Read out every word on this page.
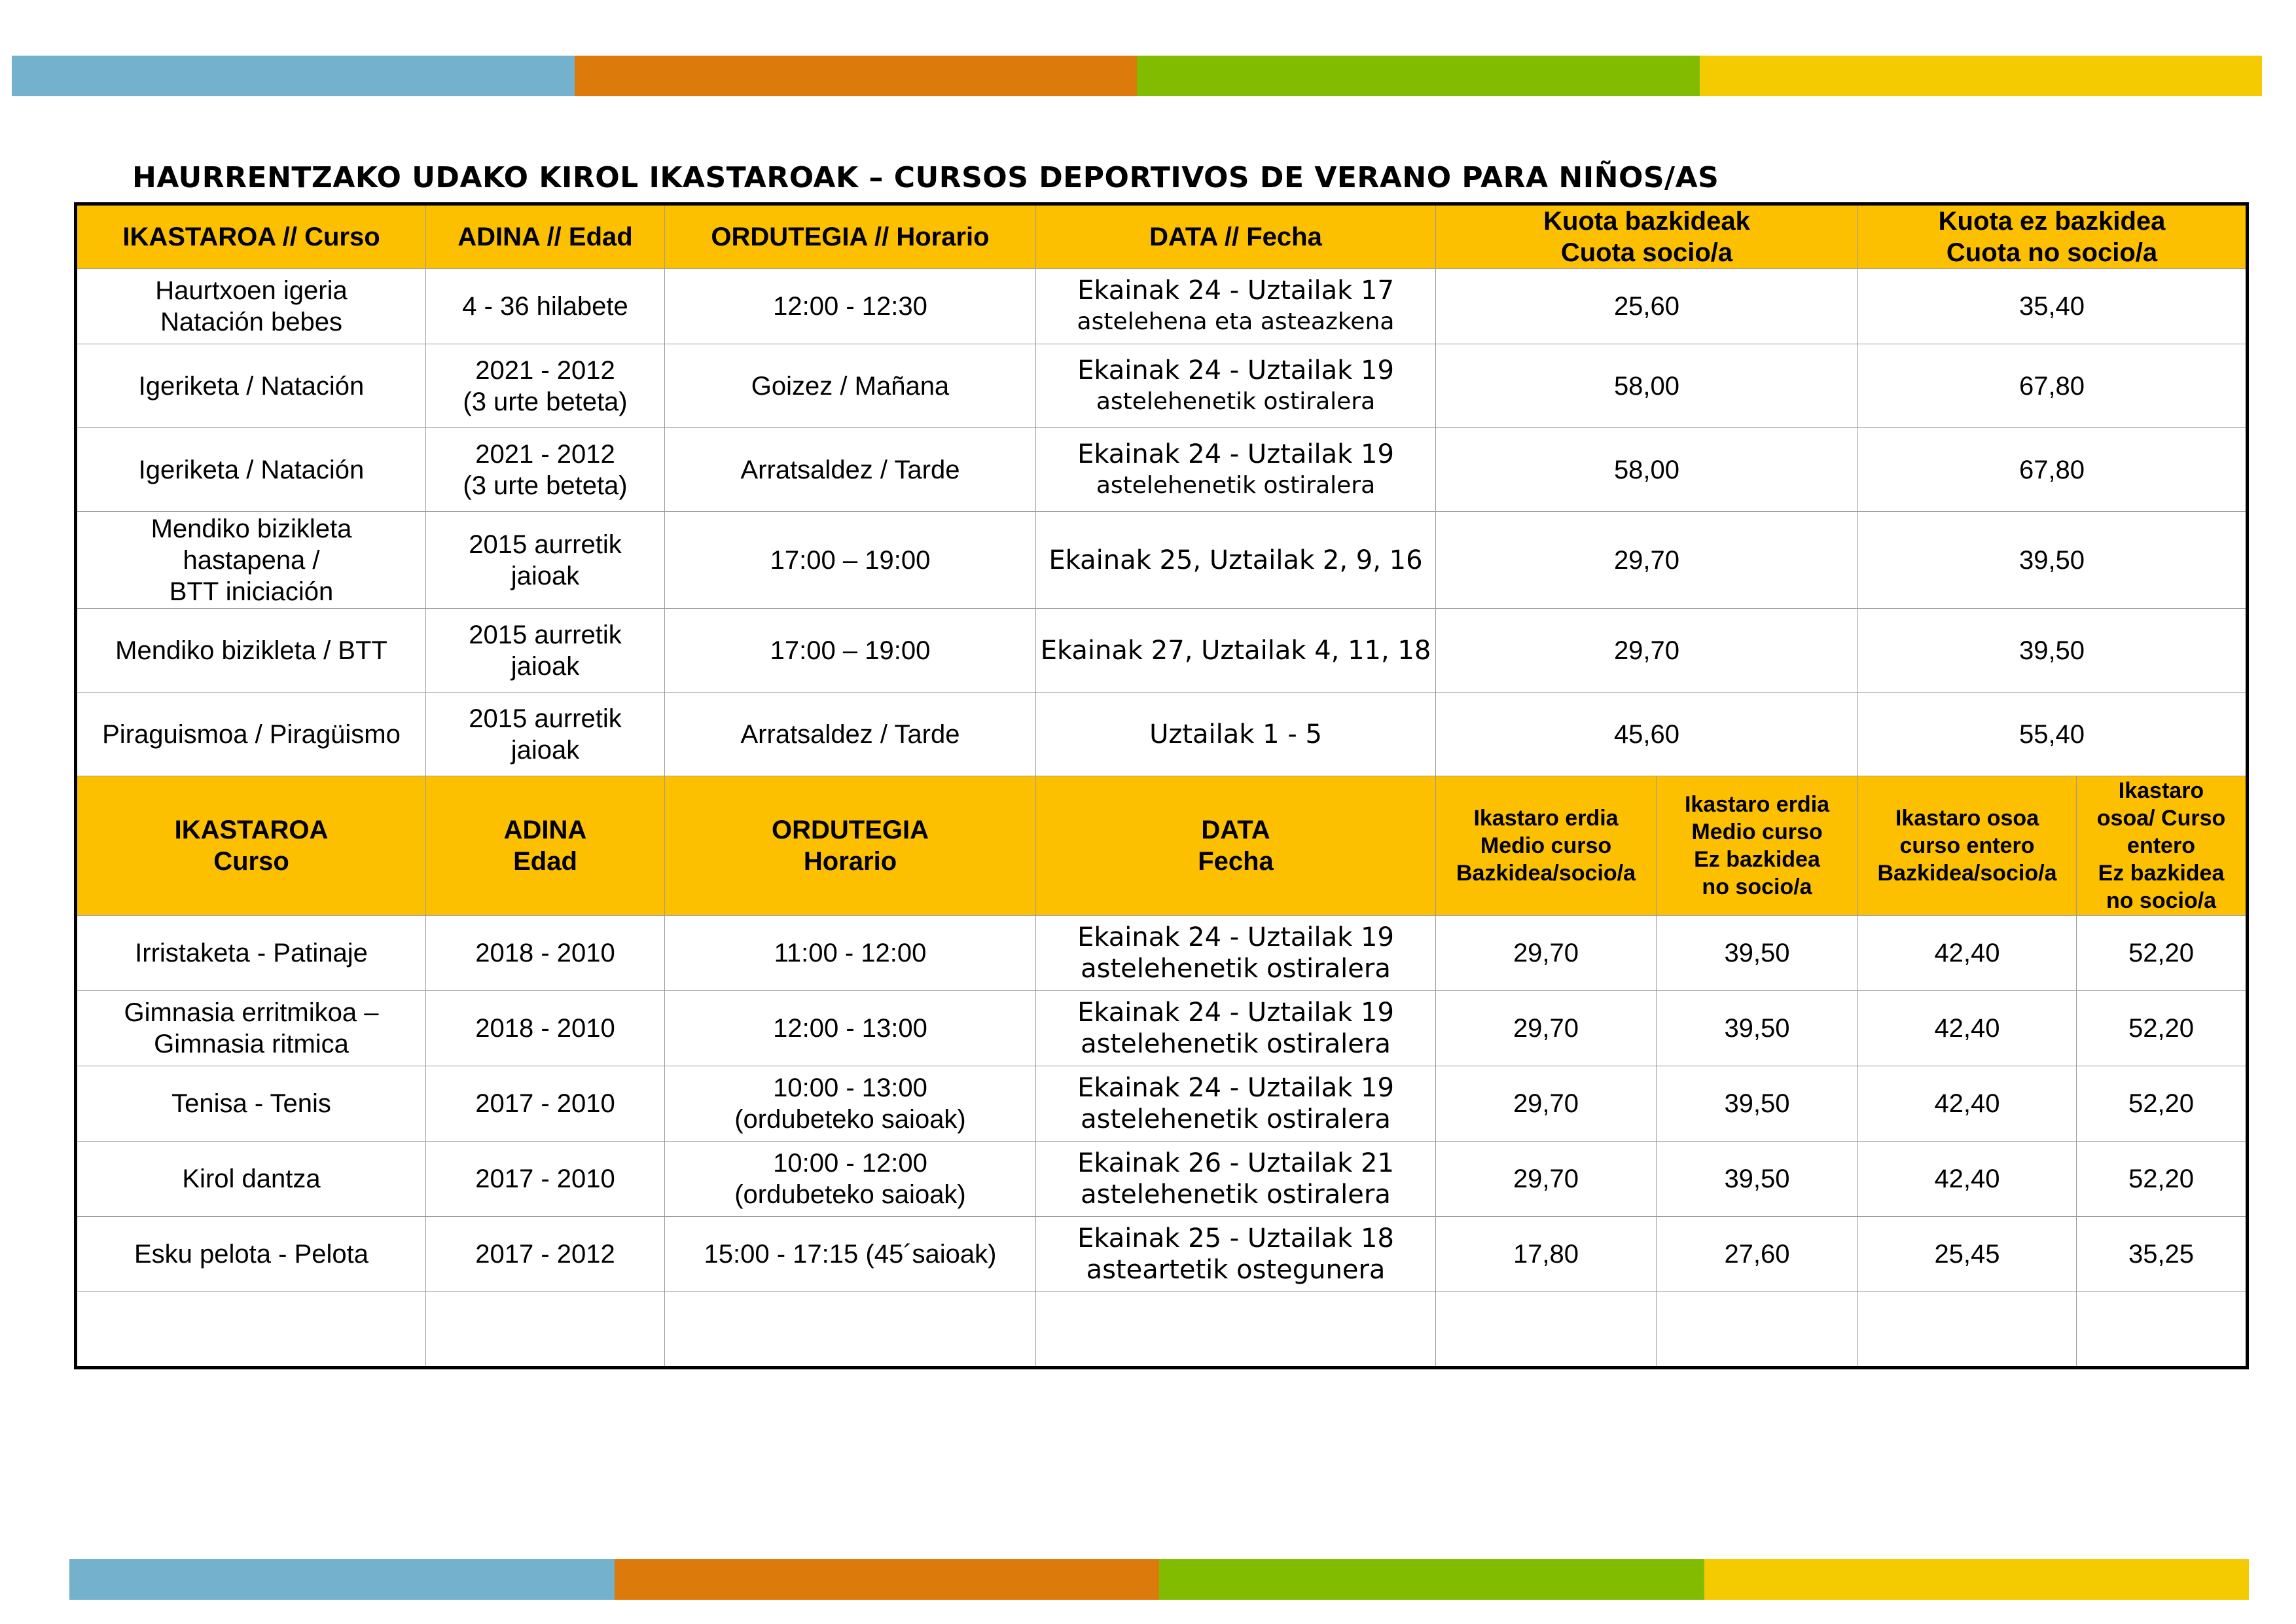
HAURRENTZAKO UDAKO KIROL IKASTAROAK – CURSOS DEPORTIVOS DE VERANO PARA NIÑOS/AS
IKASTAROA // Curso	ADINA // Edad	ORDUTEGIA // Horario	DATA // Fecha	Kuota bazkideak
Cuota socio/a		Kuota ez bazkidea
Cuota no socio/a	

Haurtxoen igeria
Natación bebes	4 - 36 hilabete	12:00 - 12:30	Ekainak 24 - Uztailak 17
astelehena eta asteazkena	25,60		35,40	

Igeriketa / Natación	2021 - 2012
(3 urte beteta)	Goizez / Mañana	Ekainak 24 - Uztailak 19
astelehenetik ostiralera	58,00		67,80	

Igeriketa / Natación	2021 - 2012
(3 urte beteta)	Arratsaldez / Tarde	Ekainak 24 - Uztailak 19
astelehenetik ostiralera	58,00		67,80	

Mendiko bizikleta
hastapena /
BTT iniciación	2015 aurretik
jaioak	17:00 – 19:00	Ekainak 25, Uztailak 2, 9, 16	29,70		39,50	

Mendiko bizikleta / BTT	2015 aurretik
jaioak	17:00 – 19:00	Ekainak 27, Uztailak 4, 11, 18	29,70		39,50	

Piraguismoa / Piragüismo	2015 aurretik
jaioak	Arratsaldez / Tarde	Uztailak 1 - 5	45,60		55,40	

IKASTAROA
Curso	ADINA
Edad	ORDUTEGIA
Horario	DATA
Fecha	Ikastaro erdia
Medio curso
Bazkidea/socio/a	Ikastaro erdia
Medio curso
Ez bazkidea
no socio/a	Ikastaro osoa
curso entero
Bazkidea/socio/a	Ikastaro
osoa/ Curso
entero
Ez bazkidea
no socio/a

Irristaketa - Patinaje	2018 - 2010	11:00 - 12:00	Ekainak 24 - Uztailak 19
astelehenetik ostiralera	29,70	39,50	42,40	52,20

Gimnasia erritmikoa –
Gimnasia ritmica	2018 - 2010	12:00 - 13:00	Ekainak 24 - Uztailak 19
astelehenetik ostiralera	29,70	39,50	42,40	52,20

Tenisa - Tenis	2017 - 2010	10:00 - 13:00
(ordubeteko saioak)	Ekainak 24 - Uztailak 19
astelehenetik ostiralera	29,70	39,50	42,40	52,20

Kirol dantza	2017 - 2010	10:00 - 12:00
(ordubeteko saioak)	Ekainak 26 - Uztailak 21
astelehenetik ostiralera	29,70	39,50	42,40	52,20

Esku pelota - Pelota	2017 - 2012	15:00 - 17:15 (45´saioak)	Ekainak 25 - Uztailak 18
asteartetik ostegunera	17,80	27,60	25,45	35,25
